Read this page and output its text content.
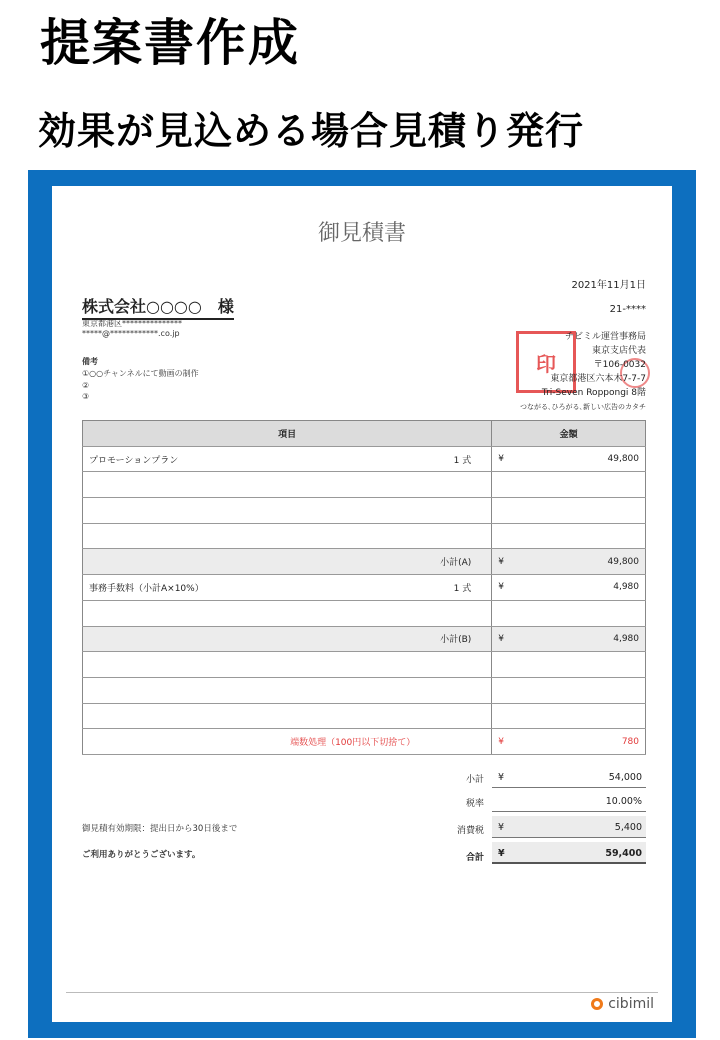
提案書作成
効果が見込める場合見積り発行
御見積書
2021年11月1日
21-****
株式会社○○○○　様
東京都港区***************
*****@************.co.jp
備考
①○○チャンネルにて動画の制作
②
③
印
チビミル運営事務局
東京支店代表
〒106-0032
東京都港区六本木7-7-7
Tri-Seven Roppongi 8階
つながる､ひろがる､新しい広告のカタチ
項目	金額
プロモーションプラン 1 式	¥ 49,800

小計(A)	¥ 49,800

事務手数料（小計A×10%） 1 式	¥ 4,980

小計(B)	¥ 4,980

端数処理（100円以下切捨て）	¥ 780
小計 ¥	54,000
税率	10.00%
御見積有効期限：提出日から30日後まで	消費税 ¥	5,400
ご利用ありがとうございます。	合計 ¥	59,400
cibimil
